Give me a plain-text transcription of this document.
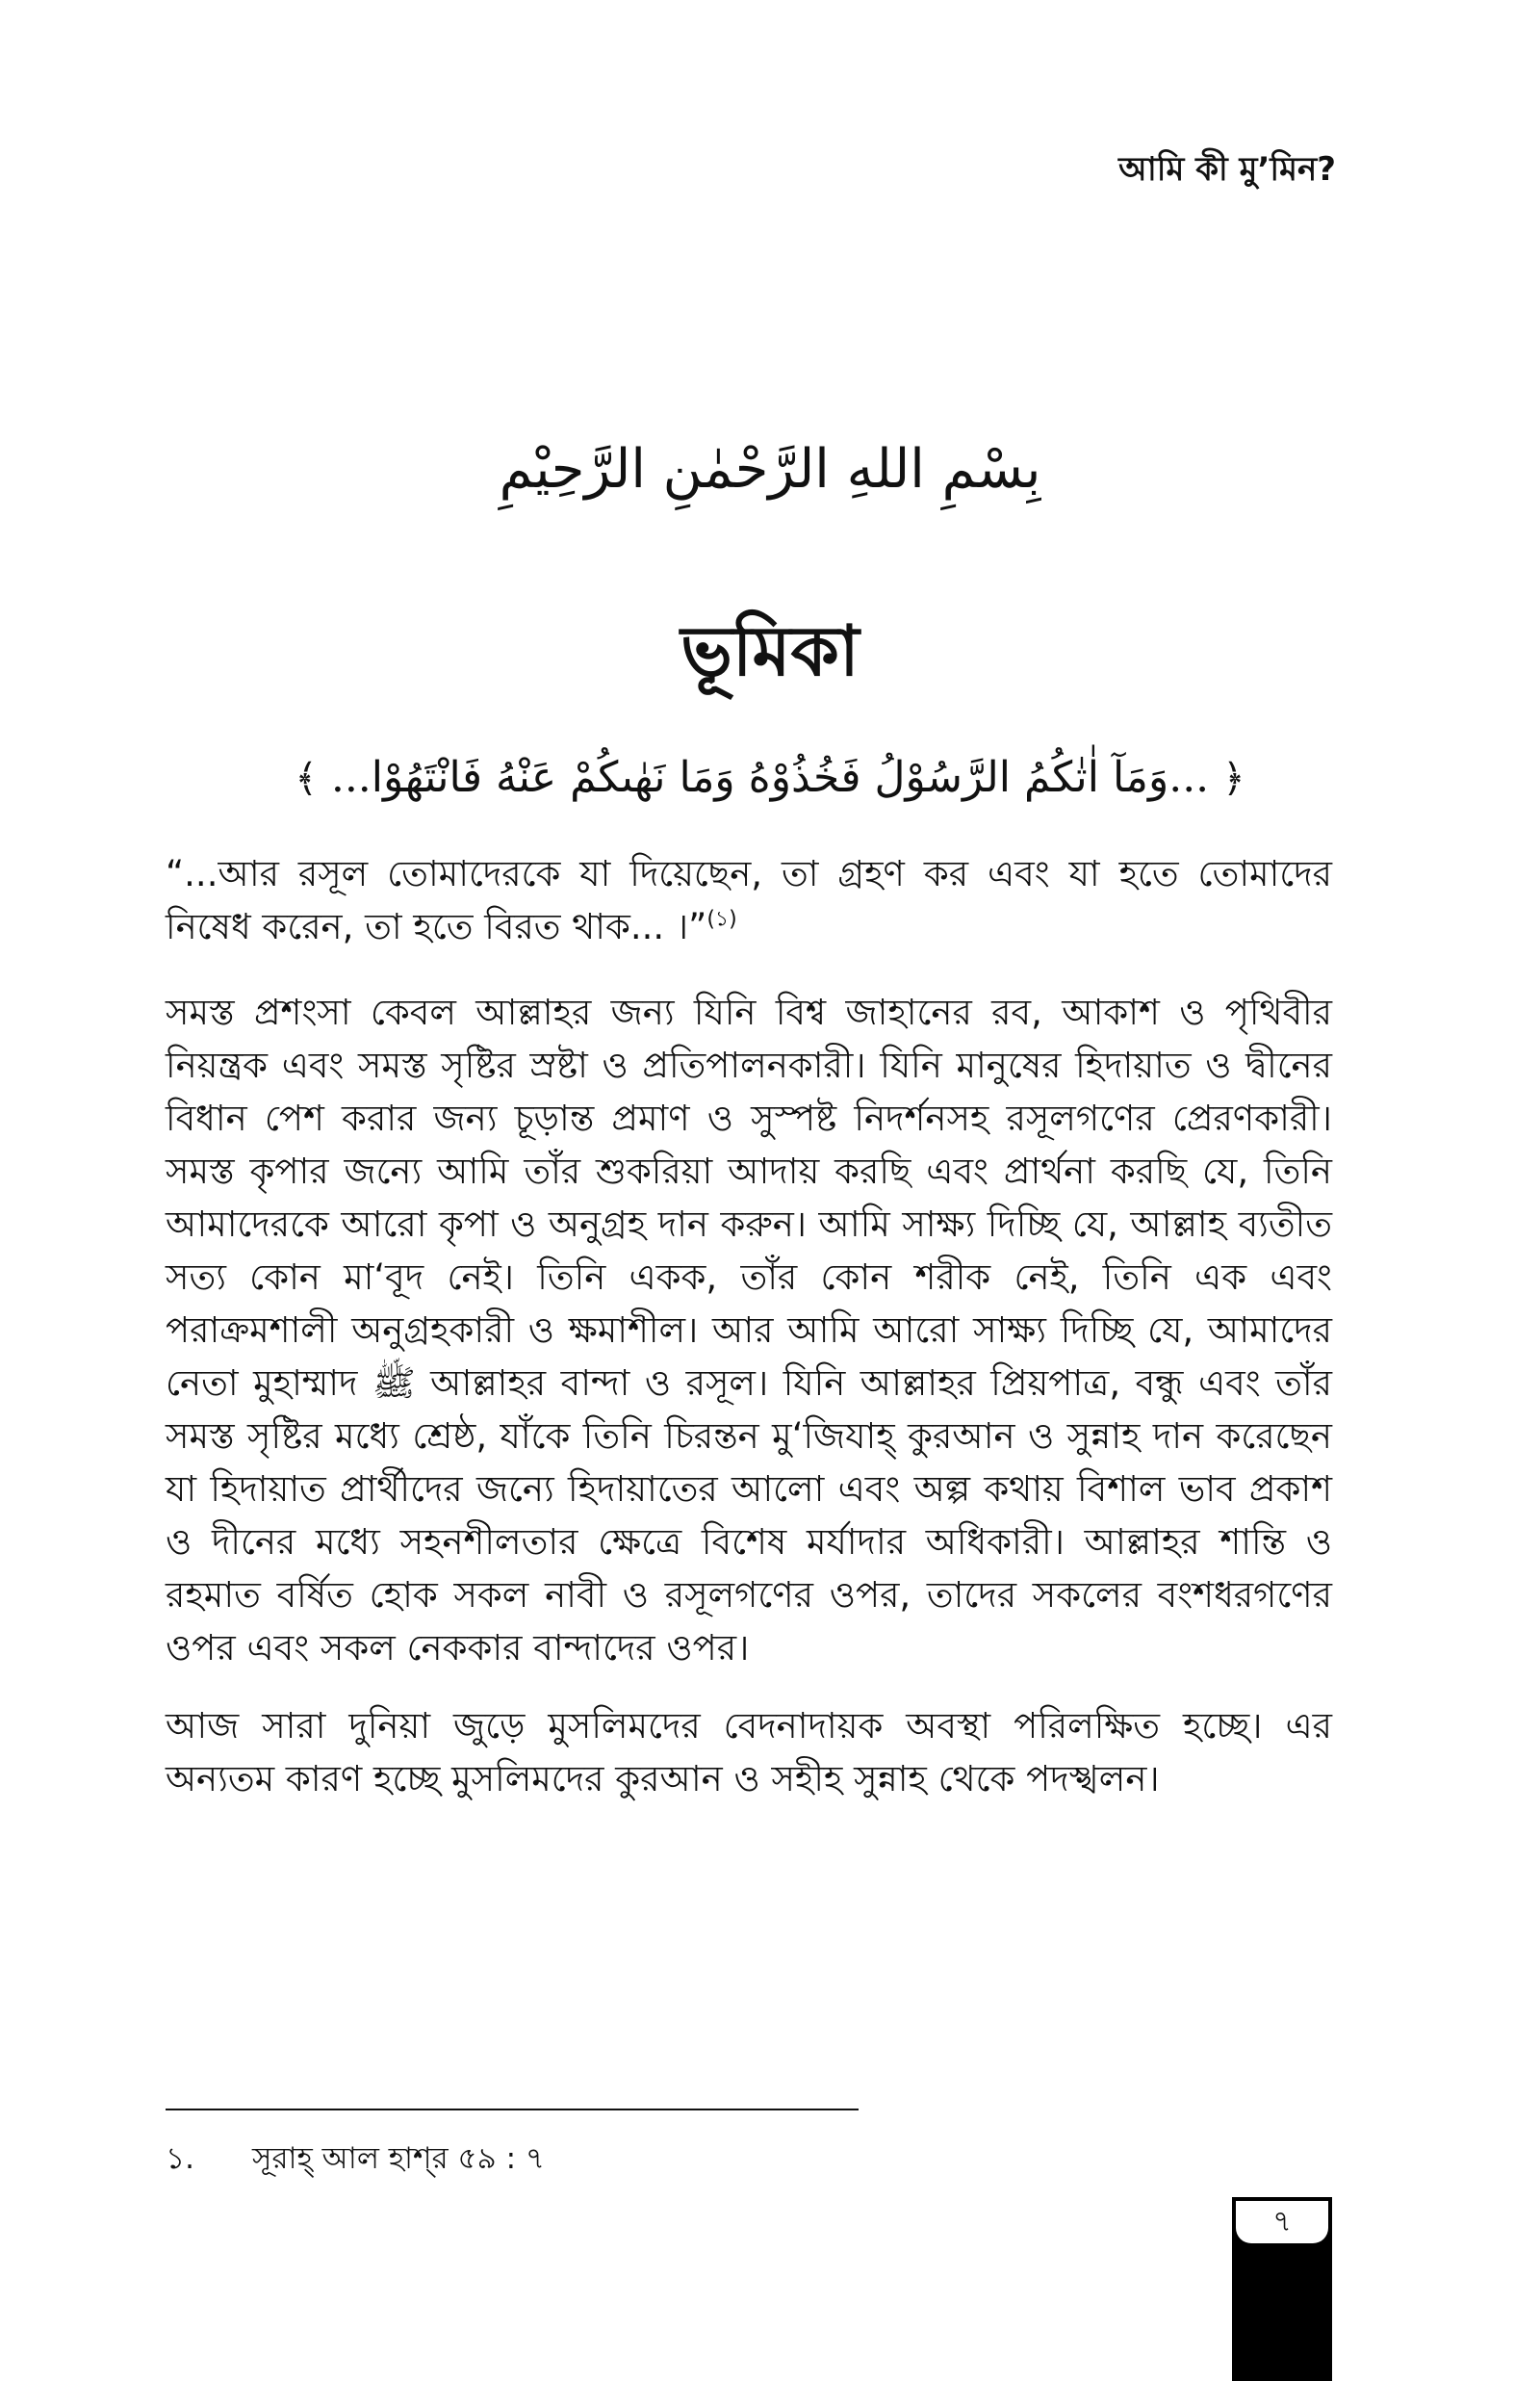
আমি কী মু’মিন?
بِسْمِ اللهِ الرَّحْمٰنِ الرَّحِيْمِ
ভূমিকা
﴿ ...وَمَآ اٰتٰكُمُ الرَّسُوْلُ فَخُذُوْهُ وَمَا نَهٰىكُمْ عَنْهُ فَانْتَهُوْا... ﴾

“...আর রসূল তোমাদেরকে যা দিয়েছেন, তা গ্রহণ কর এবং যা হতে তোমাদের নিষেধ করেন, তা হতে বিরত থাক... ।”$^{(১)}$

সমস্ত প্রশংসা কেবল আল্লাহর জন্য যিনি বিশ্ব জাহানের রব, আকাশ ও পৃথিবীর নিয়ন্ত্রক এবং সমস্ত সৃষ্টির স্রষ্টা ও প্রতিপালনকারী। যিনি মানুষের হিদায়াত ও দ্বীনের বিধান পেশ করার জন্য চূড়ান্ত প্রমাণ ও সুস্পষ্ট নিদর্শনসহ রসূলগণের প্রেরণকারী। সমস্ত কৃপার জন্যে আমি তাঁর শুকরিয়া আদায় করছি এবং প্রার্থনা করছি যে, তিনি আমাদেরকে আরো কৃপা ও অনুগ্রহ দান করুন। আমি সাক্ষ্য দিচ্ছি যে, আল্লাহ ব্যতীত সত্য কোন মা‘বূদ নেই। তিনি একক, তাঁর কোন শরীক নেই, তিনি এক এবং পরাক্রমশালী অনুগ্রহকারী ও ক্ষমাশীল। আর আমি আরো সাক্ষ্য দিচ্ছি যে, আমাদের নেতা মুহাম্মাদ ﷺ আল্লাহর বান্দা ও রসূল। যিনি আল্লাহর প্রিয়পাত্র, বন্ধু এবং তাঁর সমস্ত সৃষ্টির মধ্যে শ্রেষ্ঠ, যাঁকে তিনি চিরন্তন মু‘জিযাহ্ কুরআন ও সুন্নাহ দান করেছেন যা হিদায়াত প্রার্থীদের জন্যে হিদায়াতের আলো এবং অল্প কথায় বিশাল ভাব প্রকাশ ও দীনের মধ্যে সহনশীলতার ক্ষেত্রে বিশেষ মর্যাদার অধিকারী। আল্লাহর শান্তি ও রহমাত বর্ষিত হোক সকল নাবী ও রসূলগণের ওপর, তাদের সকলের বংশধরগণের ওপর এবং সকল নেককার বান্দাদের ওপর।

আজ সারা দুনিয়া জুড়ে মুসলিমদের বেদনাদায়ক অবস্থা পরিলক্ষিত হচ্ছে। এর অন্যতম কারণ হচ্ছে মুসলিমদের কুরআন ও সহীহ সুন্নাহ থেকে পদস্খলন।

১. সূরাহ্ আল হাশ্‌র ৫৯ : ৭
৭
